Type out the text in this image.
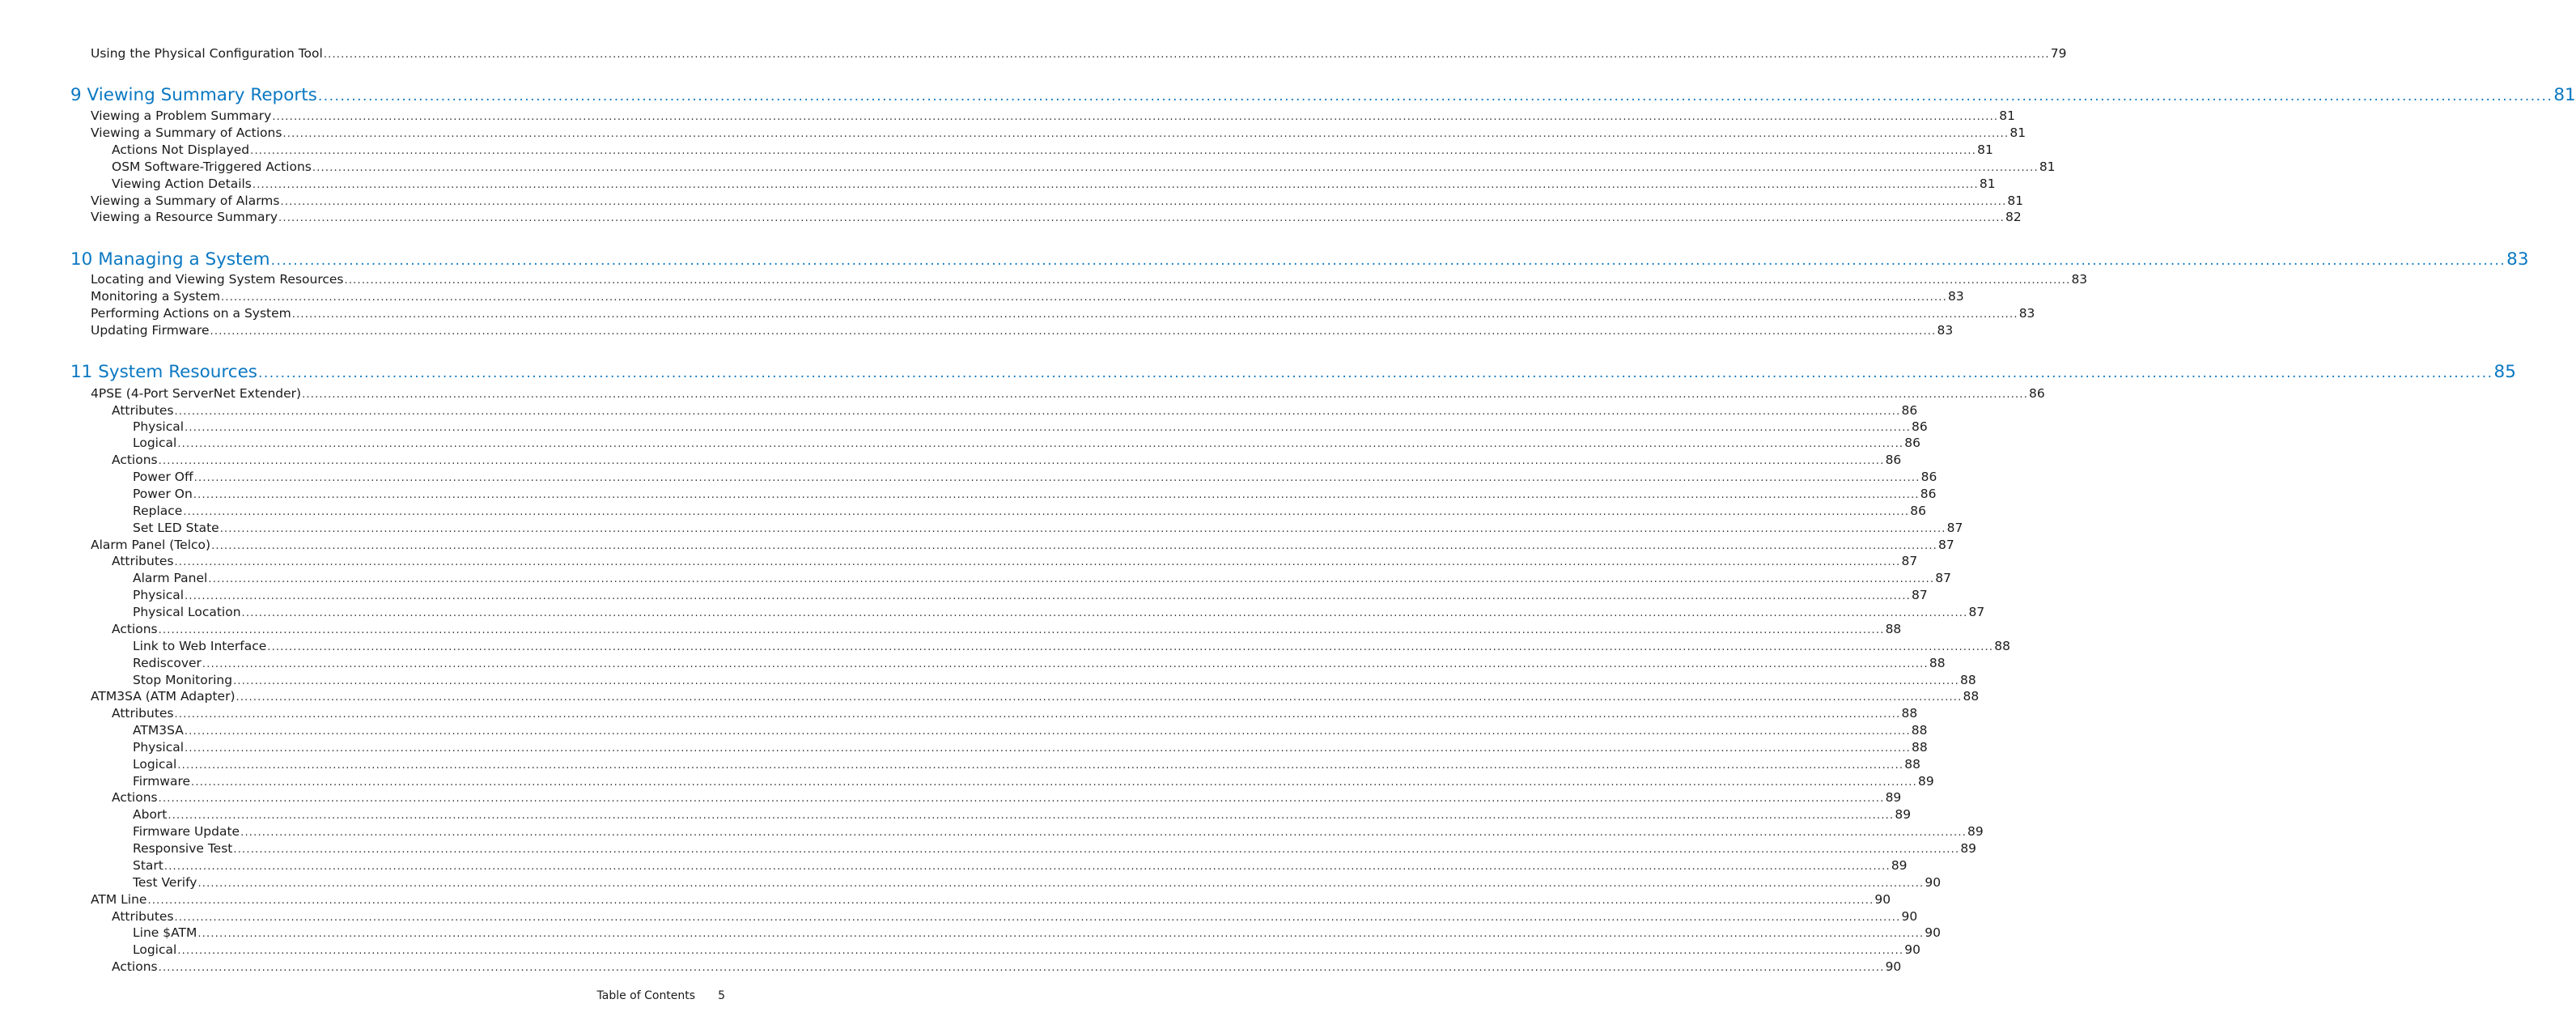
Using the Physical Configuration Tool ................................................................................................................................................................................................................................................................................................................................................................................................................ 79
9 Viewing Summary Reports ................................................................................................................................................................................................................................................................................................................................................................................................................ 81
Viewing a Problem Summary ................................................................................................................................................................................................................................................................................................................................................................................................................ 81
Viewing a Summary of Actions ................................................................................................................................................................................................................................................................................................................................................................................................................ 81
Actions Not Displayed ................................................................................................................................................................................................................................................................................................................................................................................................................ 81
OSM Software-Triggered Actions ................................................................................................................................................................................................................................................................................................................................................................................................................ 81
Viewing Action Details ................................................................................................................................................................................................................................................................................................................................................................................................................ 81
Viewing a Summary of Alarms ................................................................................................................................................................................................................................................................................................................................................................................................................ 81
Viewing a Resource Summary ................................................................................................................................................................................................................................................................................................................................................................................................................ 82
10 Managing a System ................................................................................................................................................................................................................................................................................................................................................................................................................ 83
Locating and Viewing System Resources ................................................................................................................................................................................................................................................................................................................................................................................................................ 83
Monitoring a System ................................................................................................................................................................................................................................................................................................................................................................................................................ 83
Performing Actions on a System ................................................................................................................................................................................................................................................................................................................................................................................................................ 83
Updating Firmware ................................................................................................................................................................................................................................................................................................................................................................................................................ 83
11 System Resources ................................................................................................................................................................................................................................................................................................................................................................................................................ 85
4PSE (4-Port ServerNet Extender) ................................................................................................................................................................................................................................................................................................................................................................................................................ 86
Attributes ................................................................................................................................................................................................................................................................................................................................................................................................................ 86
Physical ................................................................................................................................................................................................................................................................................................................................................................................................................ 86
Logical ................................................................................................................................................................................................................................................................................................................................................................................................................ 86
Actions ................................................................................................................................................................................................................................................................................................................................................................................................................ 86
Power Off ................................................................................................................................................................................................................................................................................................................................................................................................................ 86
Power On ................................................................................................................................................................................................................................................................................................................................................................................................................ 86
Replace ................................................................................................................................................................................................................................................................................................................................................................................................................ 86
Set LED State ................................................................................................................................................................................................................................................................................................................................................................................................................ 87
Alarm Panel (Telco) ................................................................................................................................................................................................................................................................................................................................................................................................................ 87
Attributes ................................................................................................................................................................................................................................................................................................................................................................................................................ 87
Alarm Panel ................................................................................................................................................................................................................................................................................................................................................................................................................ 87
Physical ................................................................................................................................................................................................................................................................................................................................................................................................................ 87
Physical Location ................................................................................................................................................................................................................................................................................................................................................................................................................ 87
Actions ................................................................................................................................................................................................................................................................................................................................................................................................................ 88
Link to Web Interface ................................................................................................................................................................................................................................................................................................................................................................................................................ 88
Rediscover ................................................................................................................................................................................................................................................................................................................................................................................................................ 88
Stop Monitoring ................................................................................................................................................................................................................................................................................................................................................................................................................ 88
ATM3SA (ATM Adapter) ................................................................................................................................................................................................................................................................................................................................................................................................................ 88
Attributes ................................................................................................................................................................................................................................................................................................................................................................................................................ 88
ATM3SA ................................................................................................................................................................................................................................................................................................................................................................................................................ 88
Physical ................................................................................................................................................................................................................................................................................................................................................................................................................ 88
Logical ................................................................................................................................................................................................................................................................................................................................................................................................................ 88
Firmware ................................................................................................................................................................................................................................................................................................................................................................................................................ 89
Actions ................................................................................................................................................................................................................................................................................................................................................................................................................ 89
Abort ................................................................................................................................................................................................................................................................................................................................................................................................................ 89
Firmware Update ................................................................................................................................................................................................................................................................................................................................................................................................................ 89
Responsive Test ................................................................................................................................................................................................................................................................................................................................................................................................................ 89
Start ................................................................................................................................................................................................................................................................................................................................................................................................................ 89
Test Verify ................................................................................................................................................................................................................................................................................................................................................................................................................ 90
ATM Line ................................................................................................................................................................................................................................................................................................................................................................................................................ 90
Attributes ................................................................................................................................................................................................................................................................................................................................................................................................................ 90
Line $ATM ................................................................................................................................................................................................................................................................................................................................................................................................................ 90
Logical ................................................................................................................................................................................................................................................................................................................................................................................................................ 90
Actions ................................................................................................................................................................................................................................................................................................................................................................................................................ 90
Table of Contents 5
